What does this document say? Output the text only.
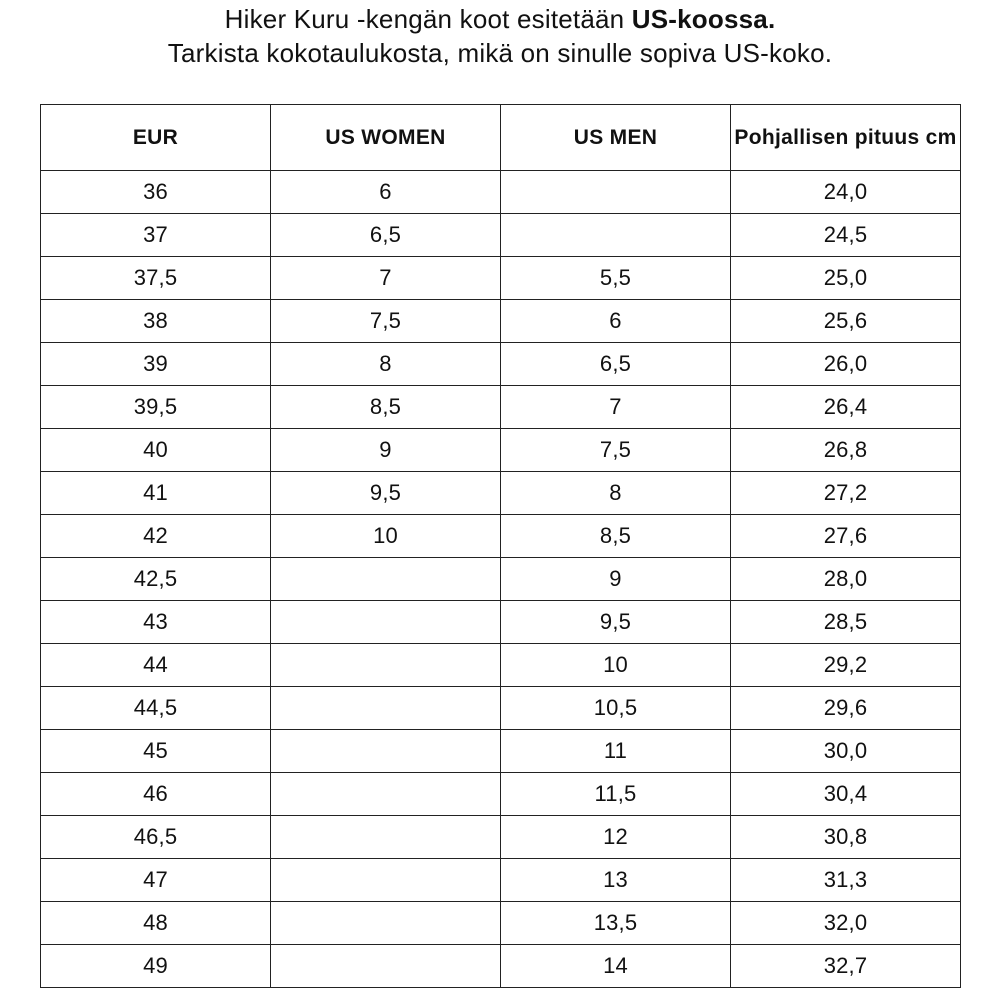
Hiker Kuru -kengän koot esitetään US-koossa.
Tarkista kokotaulukosta, mikä on sinulle sopiva US-koko.
EUR	US WOMEN	US MEN	Pohjallisen pituus cm
36	6		24,0
37	6,5		24,5
37,5	7	5,5	25,0
38	7,5	6	25,6
39	8	6,5	26,0
39,5	8,5	7	26,4
40	9	7,5	26,8
41	9,5	8	27,2
42	10	8,5	27,6
42,5		9	28,0
43		9,5	28,5
44		10	29,2
44,5		10,5	29,6
45		11	30,0
46		11,5	30,4
46,5		12	30,8
47		13	31,3
48		13,5	32,0
49		14	32,7
